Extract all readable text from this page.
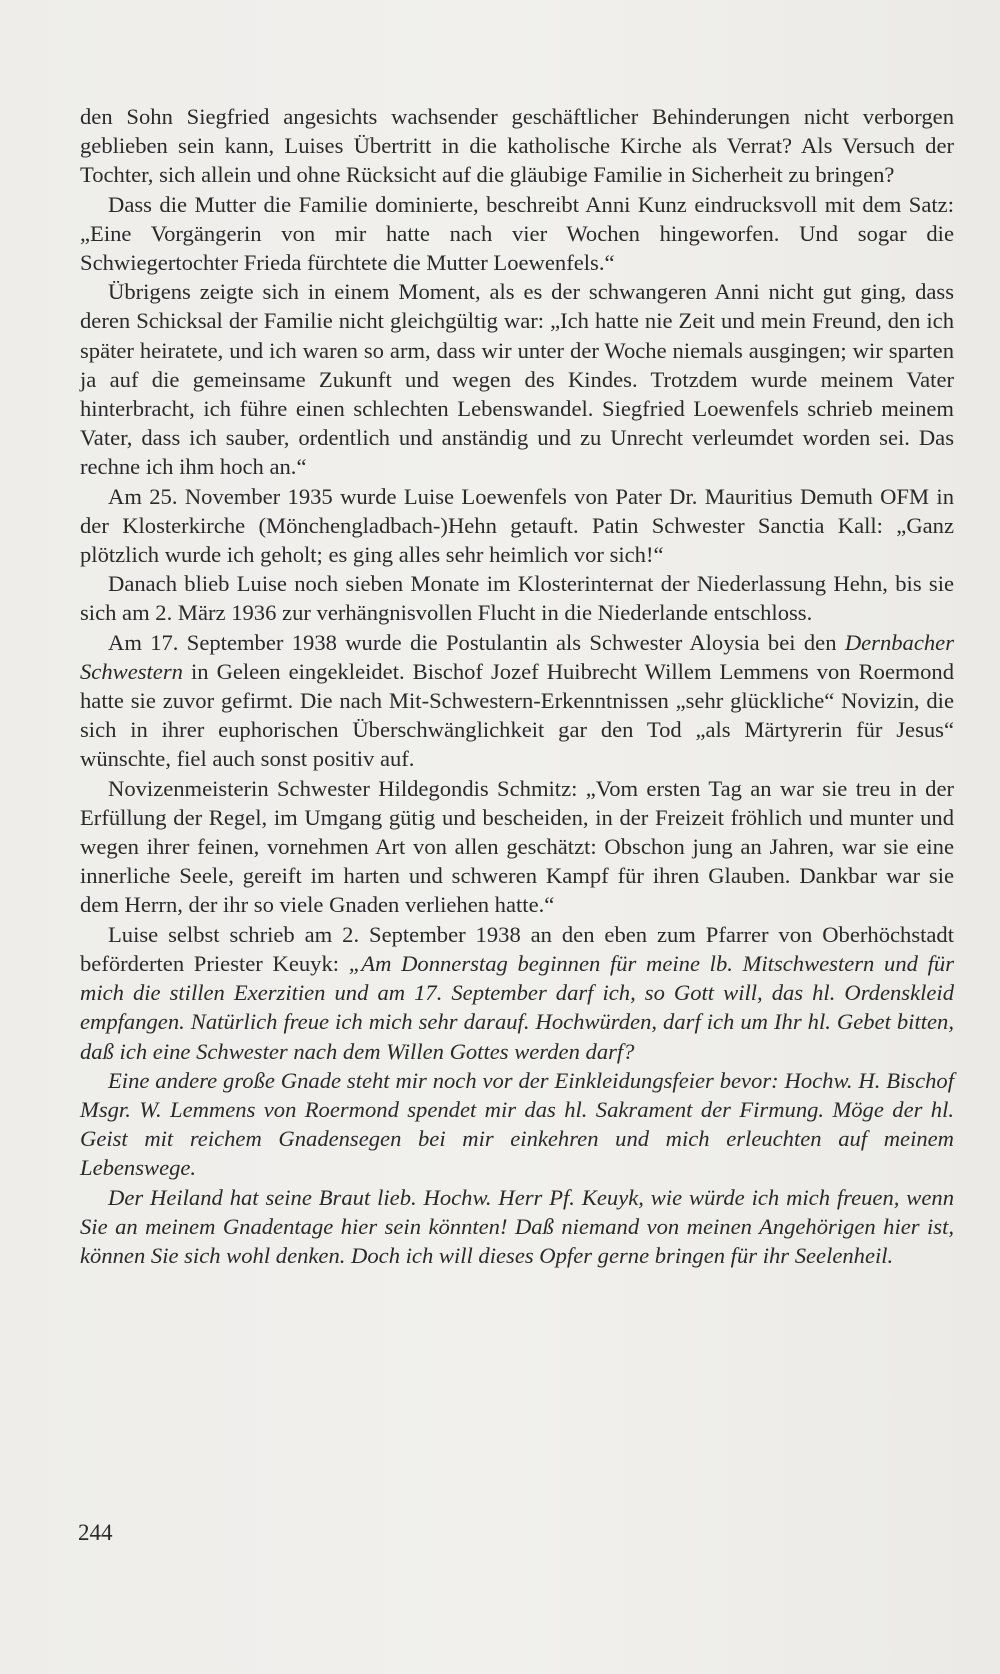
den Sohn Siegfried angesichts wachsender geschäftlicher Behinderungen nicht verborgen geblieben sein kann, Luises Übertritt in die katholische Kirche als Verrat? Als Versuch der Tochter, sich allein und ohne Rücksicht auf die gläubige Familie in Sicherheit zu bringen?

Dass die Mutter die Familie dominierte, beschreibt Anni Kunz eindrucksvoll mit dem Satz: „Eine Vorgängerin von mir hatte nach vier Wochen hingeworfen. Und sogar die Schwiegertochter Frieda fürchtete die Mutter Loewenfels.“

Übrigens zeigte sich in einem Moment, als es der schwangeren Anni nicht gut ging, dass deren Schicksal der Familie nicht gleichgültig war: „Ich hatte nie Zeit und mein Freund, den ich später heiratete, und ich waren so arm, dass wir unter der Woche niemals ausgingen; wir sparten ja auf die gemeinsame Zukunft und wegen des Kindes. Trotzdem wurde meinem Vater hinterbracht, ich führe einen schlechten Lebenswandel. Siegfried Loewenfels schrieb meinem Vater, dass ich sauber, ordentlich und anständig und zu Unrecht verleumdet worden sei. Das rechne ich ihm hoch an.“

Am 25. November 1935 wurde Luise Loewenfels von Pater Dr. Mauritius Demuth OFM in der Klosterkirche (Mönchengladbach-)Hehn getauft. Patin Schwester Sanctia Kall: „Ganz plötzlich wurde ich geholt; es ging alles sehr heimlich vor sich!“

Danach blieb Luise noch sieben Monate im Klosterinternat der Niederlassung Hehn, bis sie sich am 2. März 1936 zur verhängnisvollen Flucht in die Niederlande entschloss.

Am 17. September 1938 wurde die Postulantin als Schwester Aloysia bei den Dernbacher Schwestern in Geleen eingekleidet. Bischof Jozef Huibrecht Willem Lemmens von Roermond hatte sie zuvor gefirmt. Die nach Mit-Schwestern-Erkenntnissen „sehr glückliche“ Novizin, die sich in ihrer euphorischen Überschwänglichkeit gar den Tod „als Märtyrerin für Jesus“ wünschte, fiel auch sonst positiv auf.

Novizenmeisterin Schwester Hildegondis Schmitz: „Vom ersten Tag an war sie treu in der Erfüllung der Regel, im Umgang gütig und bescheiden, in der Freizeit fröhlich und munter und wegen ihrer feinen, vornehmen Art von allen geschätzt: Obschon jung an Jahren, war sie eine innerliche Seele, gereift im harten und schweren Kampf für ihren Glauben. Dankbar war sie dem Herrn, der ihr so viele Gnaden verliehen hatte.“

Luise selbst schrieb am 2. September 1938 an den eben zum Pfarrer von Oberhöchstadt beförderten Priester Keuyk: „Am Donnerstag beginnen für meine lb. Mitschwestern und für mich die stillen Exerzitien und am 17. September darf ich, so Gott will, das hl. Ordenskleid empfangen. Natürlich freue ich mich sehr darauf. Hochwürden, darf ich um Ihr hl. Gebet bitten, daß ich eine Schwester nach dem Willen Gottes werden darf?

Eine andere große Gnade steht mir noch vor der Einkleidungsfeier bevor: Hochw. H. Bischof Msgr. W. Lemmens von Roermond spendet mir das hl. Sakrament der Firmung. Möge der hl. Geist mit reichem Gnadensegen bei mir einkehren und mich erleuchten auf meinem Lebenswege.

Der Heiland hat seine Braut lieb. Hochw. Herr Pf. Keuyk, wie würde ich mich freuen, wenn Sie an meinem Gnadentage hier sein könnten! Daß niemand von meinen Angehörigen hier ist, können Sie sich wohl denken. Doch ich will dieses Opfer gerne bringen für ihr Seelenheil.

244
